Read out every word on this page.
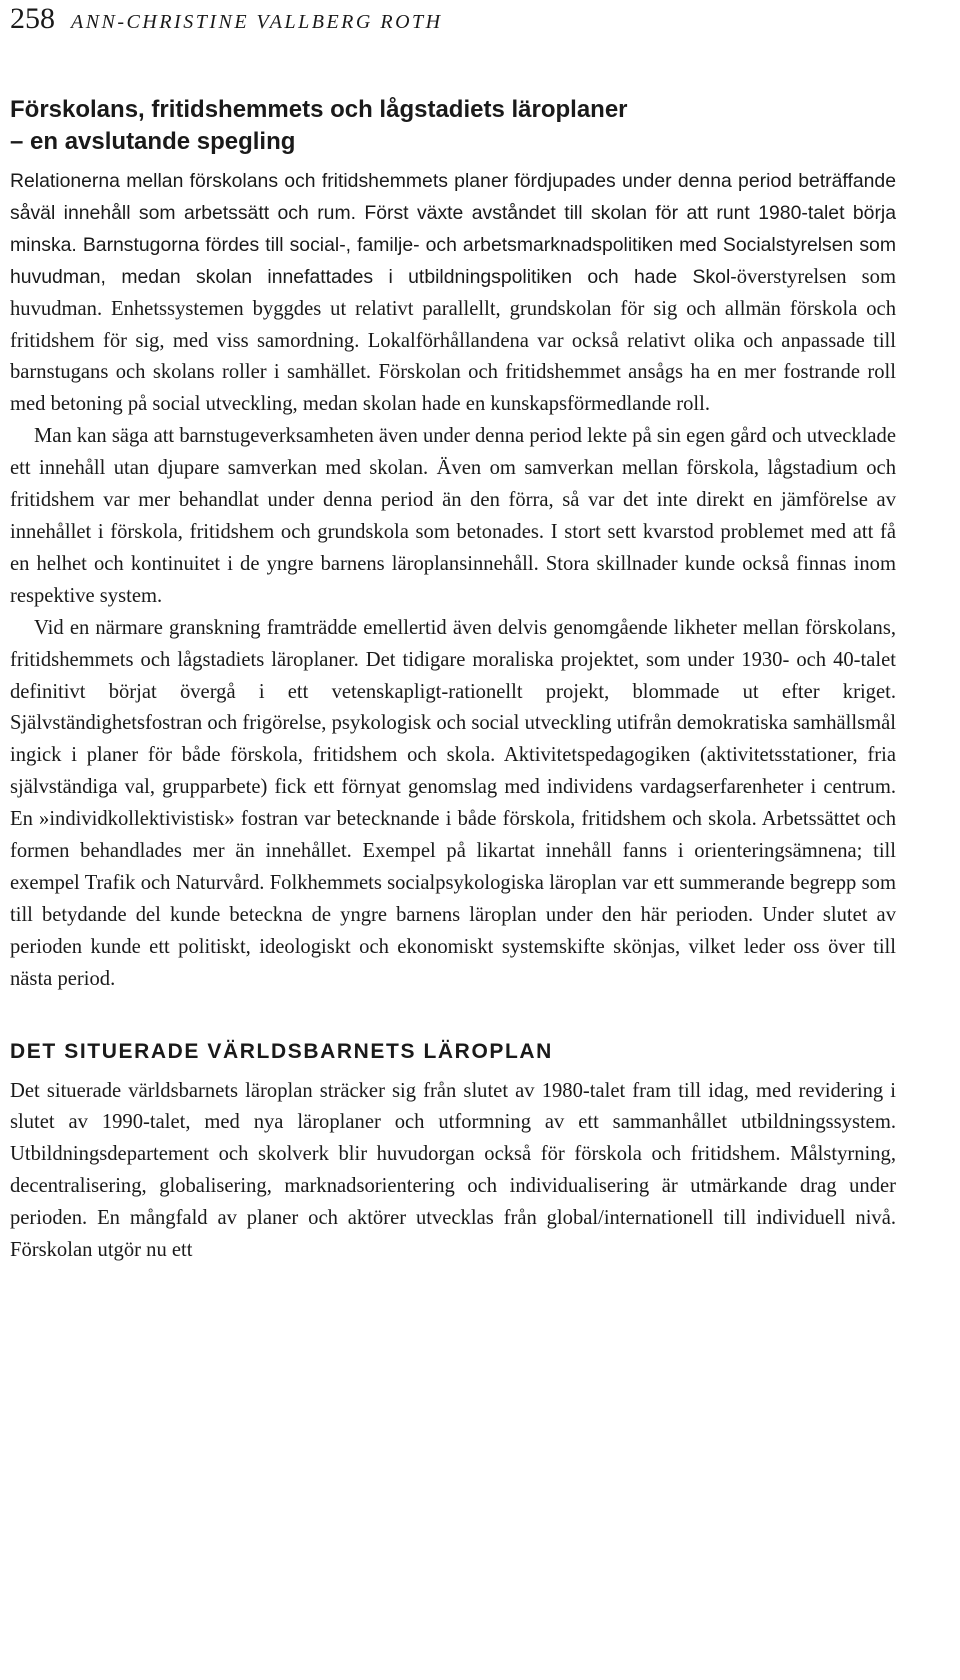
258 ANN-CHRISTINE VALLBERG ROTH
Förskolans, fritidshemmets och lågstadiets läroplaner
– en avslutande spegling

Relationerna mellan förskolans och fritidshemmets planer fördjupades under denna period beträffande såväl innehåll som arbetssätt och rum. Först växte avståndet till skolan för att runt 1980-talet börja minska. Barnstugorna fördes till social-, familje- och arbetsmarknadspolitiken med Socialstyrelsen som huvudman, medan skolan innefattades i utbildningspolitiken och hade Skol-överstyrelsen som huvudman. Enhetssystemen byggdes ut relativt parallellt, grundskolan för sig och allmän förskola och fritidshem för sig, med viss samordning. Lokalförhållandena var också relativt olika och anpassade till barnstugans och skolans roller i samhället. Förskolan och fritidshemmet ansågs ha en mer fostrande roll med betoning på social utveckling, medan skolan hade en kunskapsförmedlande roll.

Man kan säga att barnstugeverksamheten även under denna period lekte på sin egen gård och utvecklade ett innehåll utan djupare samverkan med skolan. Även om samverkan mellan förskola, lågstadium och fritidshem var mer behandlat under denna period än den förra, så var det inte direkt en jämförelse av innehållet i förskola, fritidshem och grundskola som betonades. I stort sett kvarstod problemet med att få en helhet och kontinuitet i de yngre barnens läroplansinnehåll. Stora skillnader kunde också finnas inom respektive system.

Vid en närmare granskning framträdde emellertid även delvis genomgående likheter mellan förskolans, fritidshemmets och lågstadiets läroplaner. Det tidigare moraliska projektet, som under 1930- och 40-talet definitivt börjat övergå i ett vetenskapligt-rationellt projekt, blommade ut efter kriget. Självständighetsfostran och frigörelse, psykologisk och social utveckling utifrån demokratiska samhällsmål ingick i planer för både förskola, fritidshem och skola. Aktivitetspedagogiken (aktivitetsstationer, fria självständiga val, grupparbete) fick ett förnyat genomslag med individens vardagserfarenheter i centrum. En »individkollektivistisk» fostran var betecknande i både förskola, fritidshem och skola. Arbetssättet och formen behandlades mer än innehållet. Exempel på likartat innehåll fanns i orienteringsämnena; till exempel Trafik och Naturvård. Folkhemmets socialpsykologiska läroplan var ett summerande begrepp som till betydande del kunde beteckna de yngre barnens läroplan under den här perioden. Under slutet av perioden kunde ett politiskt, ideologiskt och ekonomiskt systemskifte skönjas, vilket leder oss över till nästa period.

DET SITUERADE VÄRLDSBARNETS LÄROPLAN

Det situerade världsbarnets läroplan sträcker sig från slutet av 1980-talet fram till idag, med revidering i slutet av 1990-talet, med nya läroplaner och utformning av ett sammanhållet utbildningssystem. Utbildningsdepartement och skolverk blir huvudorgan också för förskola och fritidshem. Målstyrning, decentralisering, globalisering, marknadsorientering och individualisering är utmärkande drag under perioden. En mångfald av planer och aktörer utvecklas från global/internationell till individuell nivå. Förskolan utgör nu ett
